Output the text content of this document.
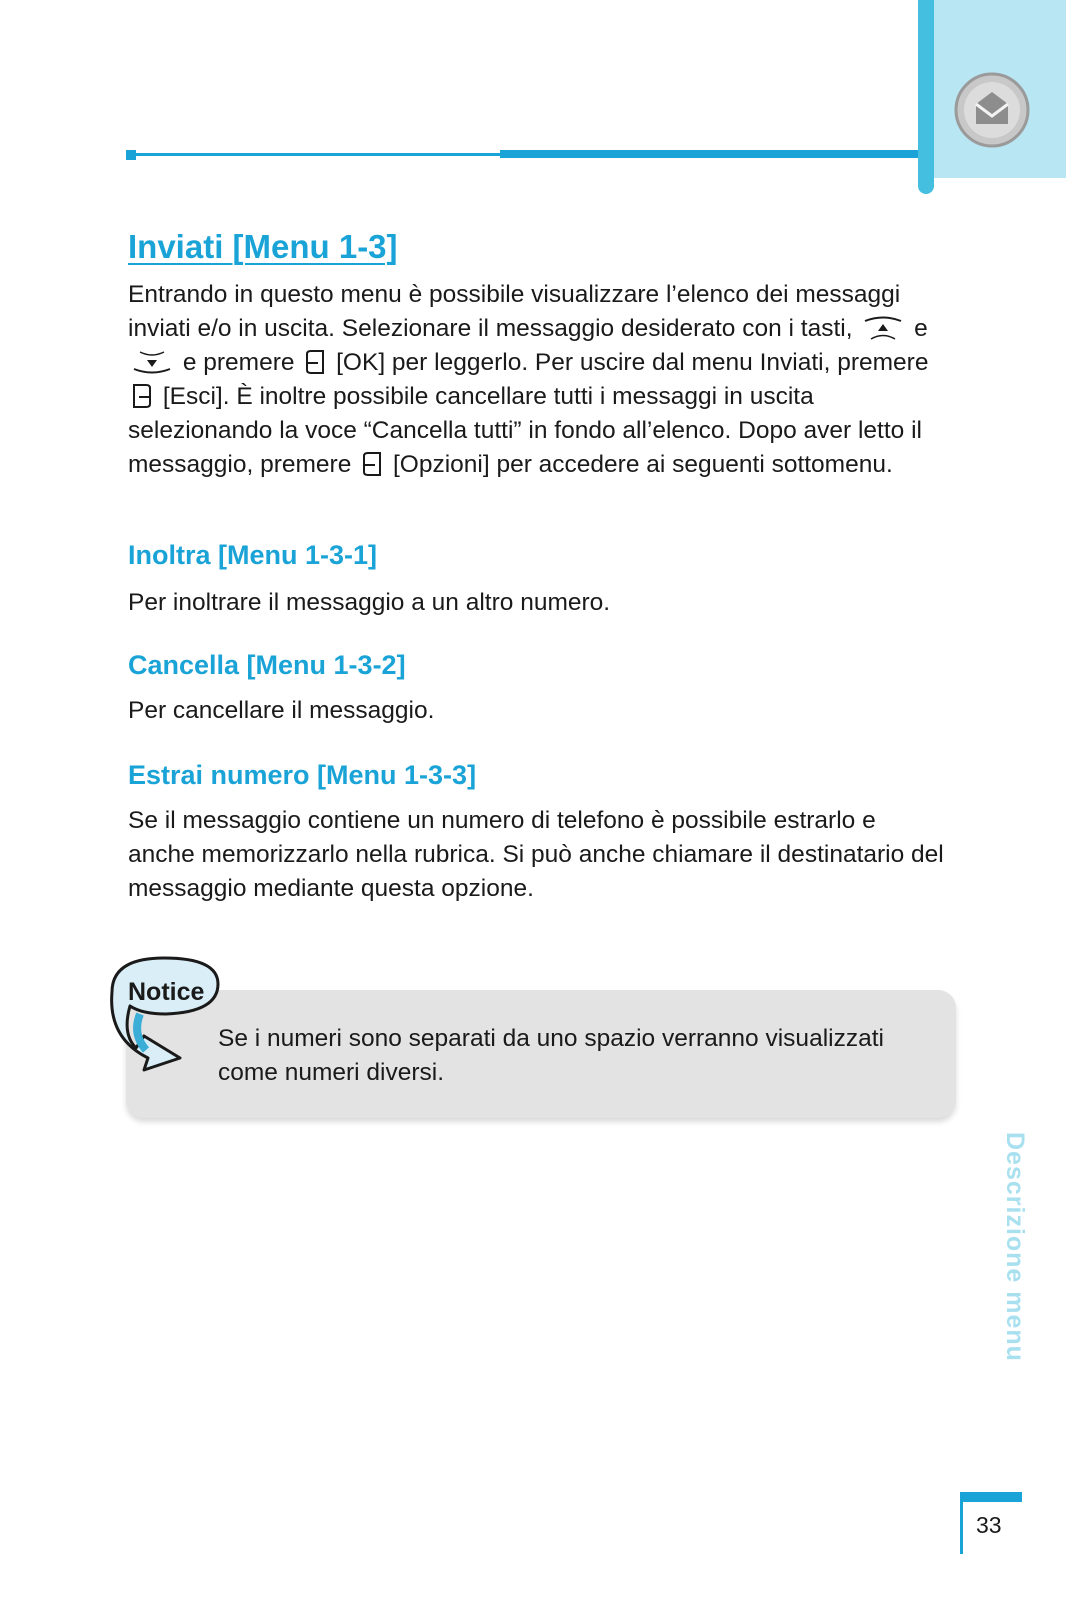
Inviati [Menu 1-3]

Entrando in questo menu è possibile visualizzare l’elenco dei messaggi inviati e/o in uscita. Selezionare il messaggio desiderato con i tasti,	e  e premere [OK] per leggerlo. Per uscire dal menu Inviati, premere  [Esci]. È inoltre possibile cancellare tutti i messaggi in uscita selezionando la voce “Cancella tutti” in fondo all’elenco. Dopo aver letto il messaggio, premere [Opzioni] per accedere ai seguenti sottomenu.

Inoltra [Menu 1-3-1]

Per inoltrare il messaggio a un altro numero.

Cancella [Menu 1-3-2]

Per cancellare il messaggio.

Estrai numero [Menu 1-3-3]

Se il messaggio contiene un numero di telefono è possibile estrarlo e anche memorizzarlo nella rubrica. Si può anche chiamare il destinatario del messaggio mediante questa opzione.

Notice

Se i numeri sono separati da uno spazio verranno visualizzati come numeri diversi.

Descrizione menu

33
